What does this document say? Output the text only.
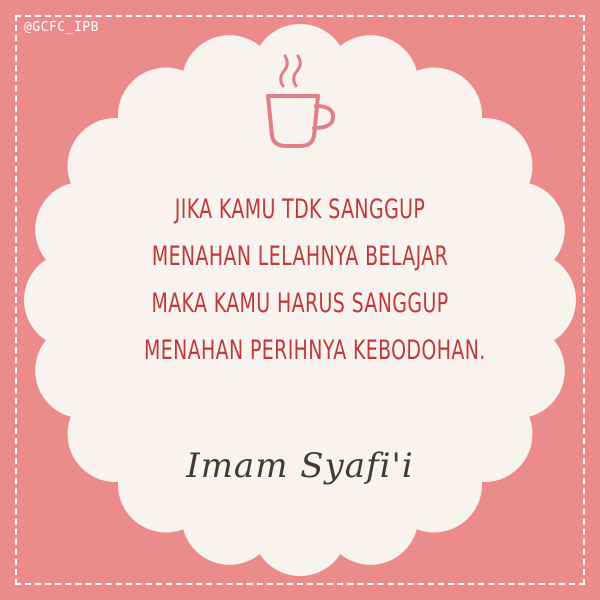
@GCFC_IPB
JIKA KAMU TDK SANGGUP
MENAHAN LELAHNYA BELAJAR
MAKA KAMU HARUS SANGGUP
MENAHAN PERIHNYA KEBODOHAN.
Imam Syafi'i
